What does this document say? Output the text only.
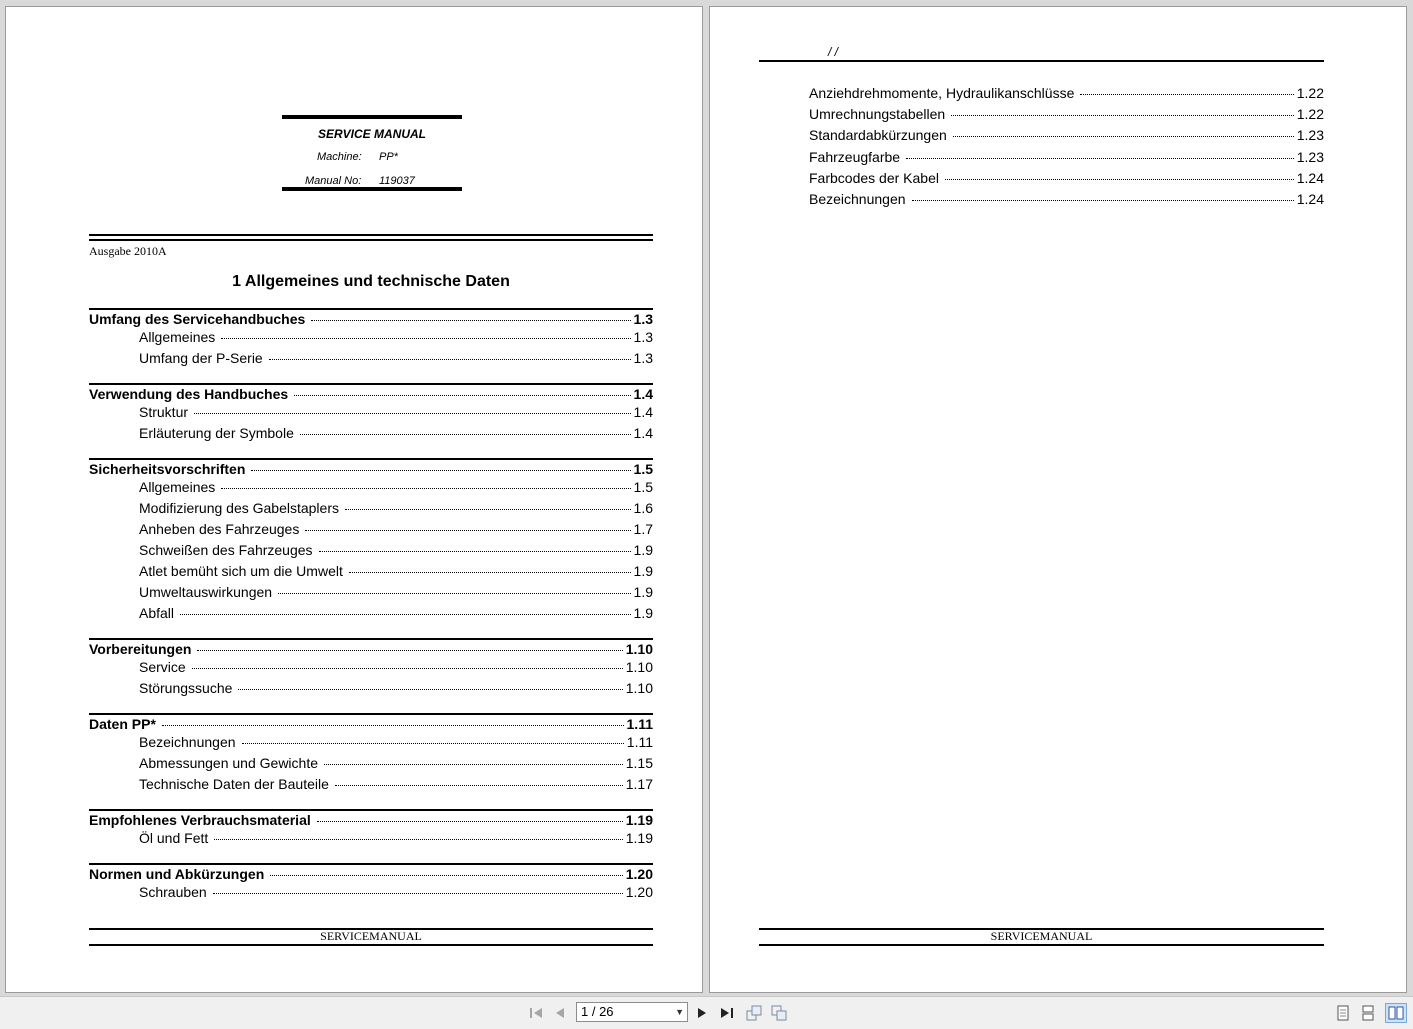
SERVICE MANUAL
Machine: PP*
Manual No: 119037
Ausgabe 2010A
1 Allgemeines und technische Daten
Umfang des Servicehandbuches	1.3
Allgemeines	1.3
Umfang der P-Serie	1.3
Verwendung des Handbuches	1.4
Struktur	1.4
Erläuterung der Symbole	1.4
Sicherheitsvorschriften	1.5
Allgemeines	1.5
Modifizierung des Gabelstaplers	1.6
Anheben des Fahrzeuges	1.7
Schweißen des Fahrzeuges	1.9
Atlet bemüht sich um die Umwelt	1.9
Umweltauswirkungen	1.9
Abfall	1.9
Vorbereitungen	1.10
Service	1.10
Störungssuche	1.10
Daten PP*	1.11
Bezeichnungen	1.11
Abmessungen und Gewichte	1.15
Technische Daten der Bauteile	1.17
Empfohlenes Verbrauchsmaterial	1.19
Öl und Fett	1.19
Normen und Abkürzungen	1.20
Schrauben	1.20
SERVICEMANUAL
/ /
Anziehdrehmomente, Hydraulikanschlüsse	1.22
Umrechnungstabellen	1.22
Standardabkürzungen	1.23
Fahrzeugfarbe	1.23
Farbcodes der Kabel	1.24
Bezeichnungen	1.24
SERVICEMANUAL
1 / 26	▼
